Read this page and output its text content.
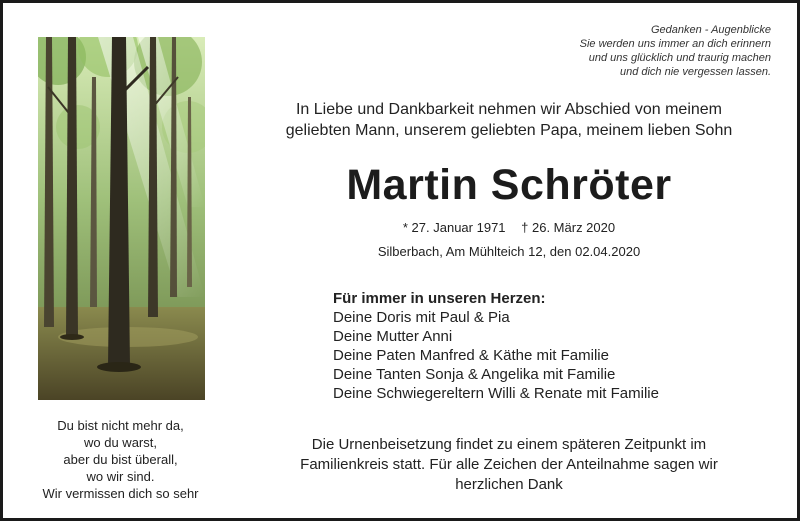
Gedanken - Augenblicke
Sie werden uns immer an dich erinnern
und uns glücklich und traurig machen
und dich nie vergessen lassen.
Du bist nicht mehr da,
wo du warst,
aber du bist überall,
wo wir sind.
Wir vermissen dich so sehr
In Liebe und Dankbarkeit nehmen wir Abschied von meinem
geliebten Mann, unserem geliebten Papa, meinem lieben Sohn
Martin Schröter
* 27. Januar 1971 † 26. März 2020
Silberbach, Am Mühlteich 12, den 02.04.2020
Für immer in unseren Herzen:
Deine Doris mit Paul & Pia
Deine Mutter Anni
Deine Paten Manfred & Käthe mit Familie
Deine Tanten Sonja & Angelika mit Familie
Deine Schwiegereltern Willi & Renate mit Familie
Die Urnenbeisetzung findet zu einem späteren Zeitpunkt im
Familienkreis statt. Für alle Zeichen der Anteilnahme sagen wir
herzlichen Dank
